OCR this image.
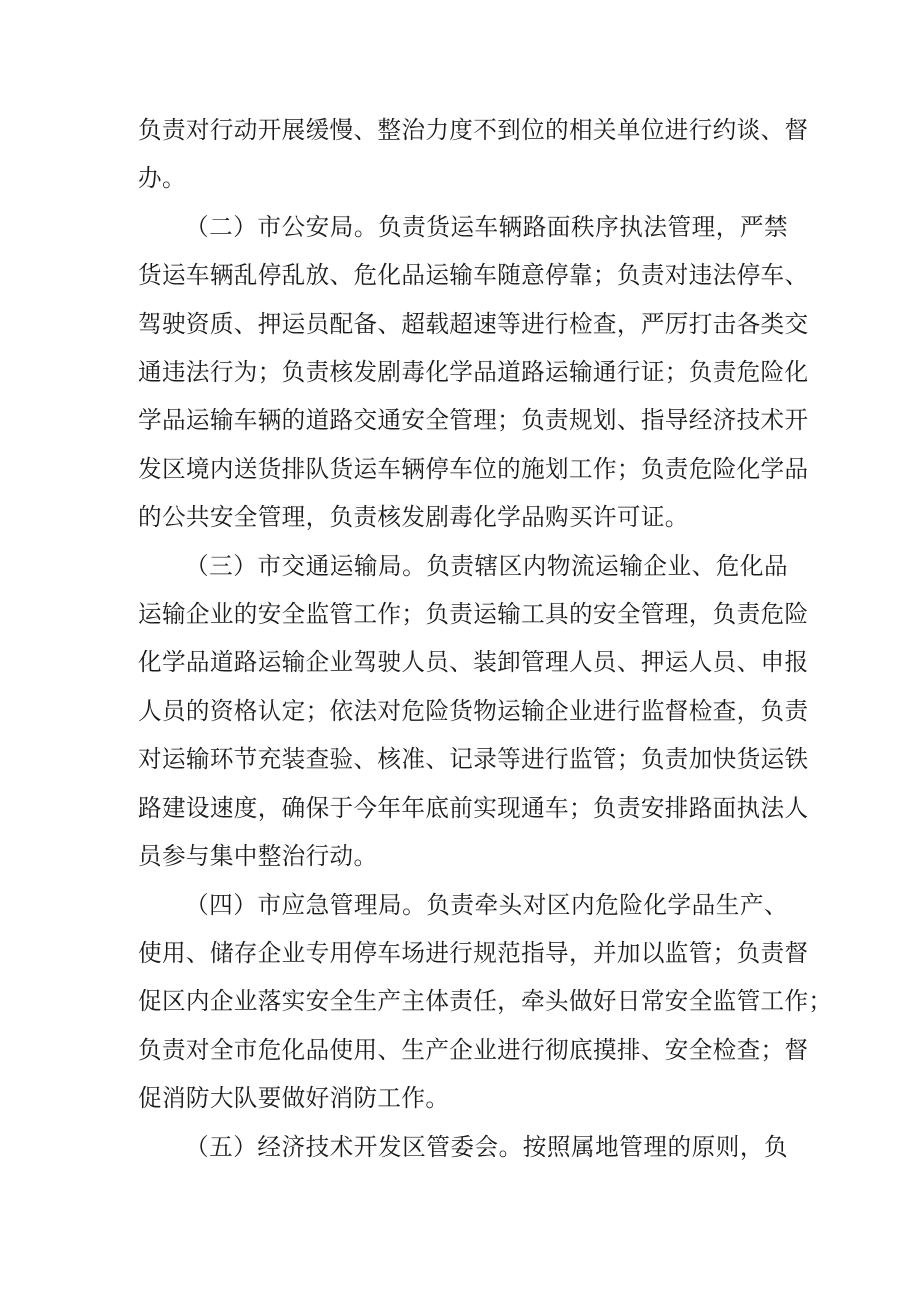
负责对行动开展缓慢、整治力度不到位的相关单位进行约谈、督
办。

（二）市公安局。负责货运车辆路面秩序执法管理，严禁
货运车辆乱停乱放、危化品运输车随意停靠；负责对违法停车、
驾驶资质、押运员配备、超载超速等进行检查，严厉打击各类交
通违法行为；负责核发剧毒化学品道路运输通行证；负责危险化
学品运输车辆的道路交通安全管理；负责规划、指导经济技术开
发区境内送货排队货运车辆停车位的施划工作；负责危险化学品
的公共安全管理，负责核发剧毒化学品购买许可证。

（三）市交通运输局。负责辖区内物流运输企业、危化品
运输企业的安全监管工作；负责运输工具的安全管理，负责危险
化学品道路运输企业驾驶人员、装卸管理人员、押运人员、申报
人员的资格认定；依法对危险货物运输企业进行监督检查，负责
对运输环节充装查验、核准、记录等进行监管；负责加快货运铁
路建设速度，确保于今年年底前实现通车；负责安排路面执法人
员参与集中整治行动。

（四）市应急管理局。负责牵头对区内危险化学品生产、
使用、储存企业专用停车场进行规范指导，并加以监管；负责督
促区内企业落实安全生产主体责任，牵头做好日常安全监管工作；
负责对全市危化品使用、生产企业进行彻底摸排、安全检查；督
促消防大队要做好消防工作。

（五）经济技术开发区管委会。按照属地管理的原则，负
